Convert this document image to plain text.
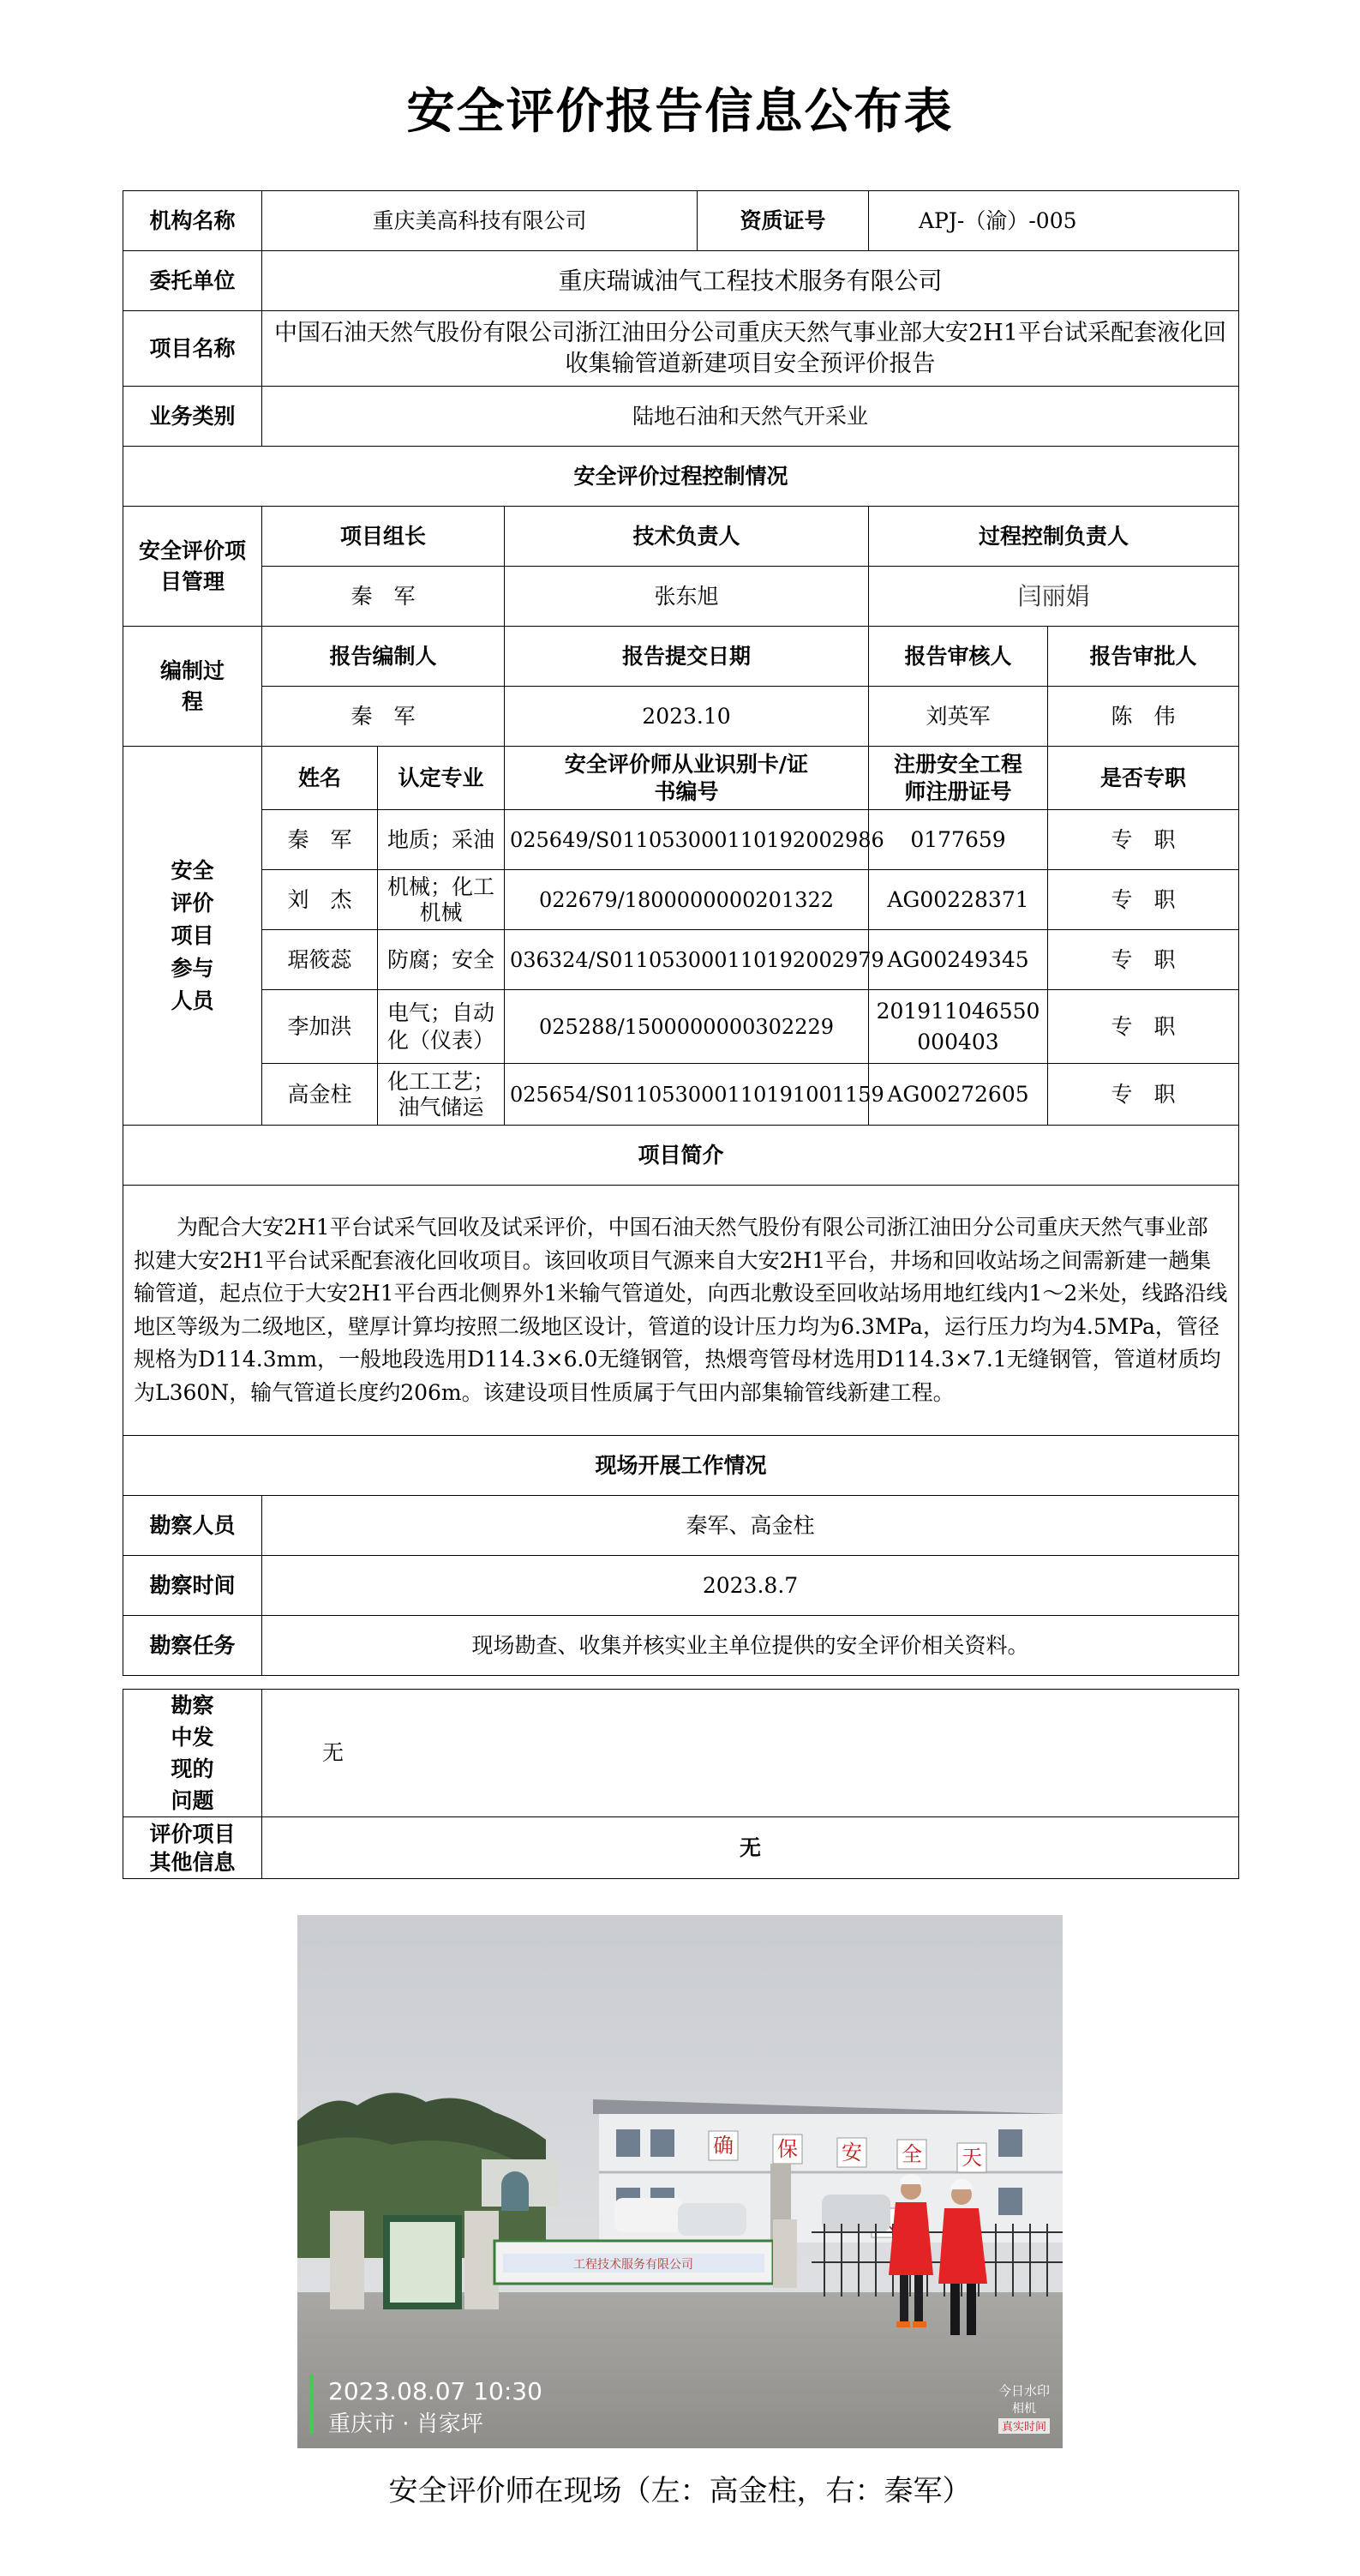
安全评价报告信息公布表
机构名称	重庆美高科技有限公司			资质证号	APJ-（渝）-005	
委托单位	重庆瑞诚油气工程技术服务有限公司					
项目名称	中国石油天然气股份有限公司浙江油田分公司重庆天然气事业部大安2H1平台试采配套液化回收集输管道新建项目安全预评价报告					
业务类别	陆地石油和天然气开采业					
安全评价过程控制情况						
安全评价项目管理	项目组长		技术负责人		过程控制负责人	
	秦　军		张东旭		闫丽娟	
编制过程	报告编制人		报告提交日期		报告审核人	报告审批人
	秦　军		2023.10		刘英军	陈　伟
安全评价项目参与人员	姓名	认定专业	安全评价师从业识别卡/证书编号		注册安全工程师注册证号	是否专职
	秦　军	地质；采油	025649/S011053000110192002986		0177659	专　职
	刘　杰	机械；化工机械	022679/1800000000201322		AG00228371	专　职
	琚筱蕊	防腐；安全	036324/S011053000110192002979		AG00249345	专　职
	李加洪	电气；自动化（仪表）	025288/1500000000302229		201911046550000403	专　职
	高金柱	化工工艺；油气储运	025654/S011053000110191001159		AG00272605	专　职
项目简介						
为配合大安2H1平台试采气回收及试采评价，中国石油天然气股份有限公司浙江油田分公司重庆天然气事业部拟建大安2H1平台试采配套液化回收项目。该回收项目气源来自大安2H1平台，井场和回收站场之间需新建一趟集输管道，起点位于大安2H1平台西北侧界外1米输气管道处，向西北敷设至回收站场用地红线内1～2米处，线路沿线地区等级为二级地区，壁厚计算均按照二级地区设计，管道的设计压力均为6.3MPa，运行压力均为4.5MPa，管径规格为D114.3mm，一般地段选用D114.3×6.0无缝钢管，热煨弯管母材选用D114.3×7.1无缝钢管，管道材质均为L360N，输气管道长度约206m。该建设项目性质属于气田内部集输管线新建工程。						
现场开展工作情况						
勘察人员	秦军、高金柱					
勘察时间	2023.8.7					
勘察任务	现场勘查、收集并核实业主单位提供的安全评价相关资料。					
勘察中发现的问题	无
评价项目其他信息	无
确 保 安 全 天
工程技术服务有限公司
2023.08.07 10:30
重庆市 · 肖家坪
今日水印
相机
真实时间
安全评价师在现场（左：高金柱，右：秦军）
